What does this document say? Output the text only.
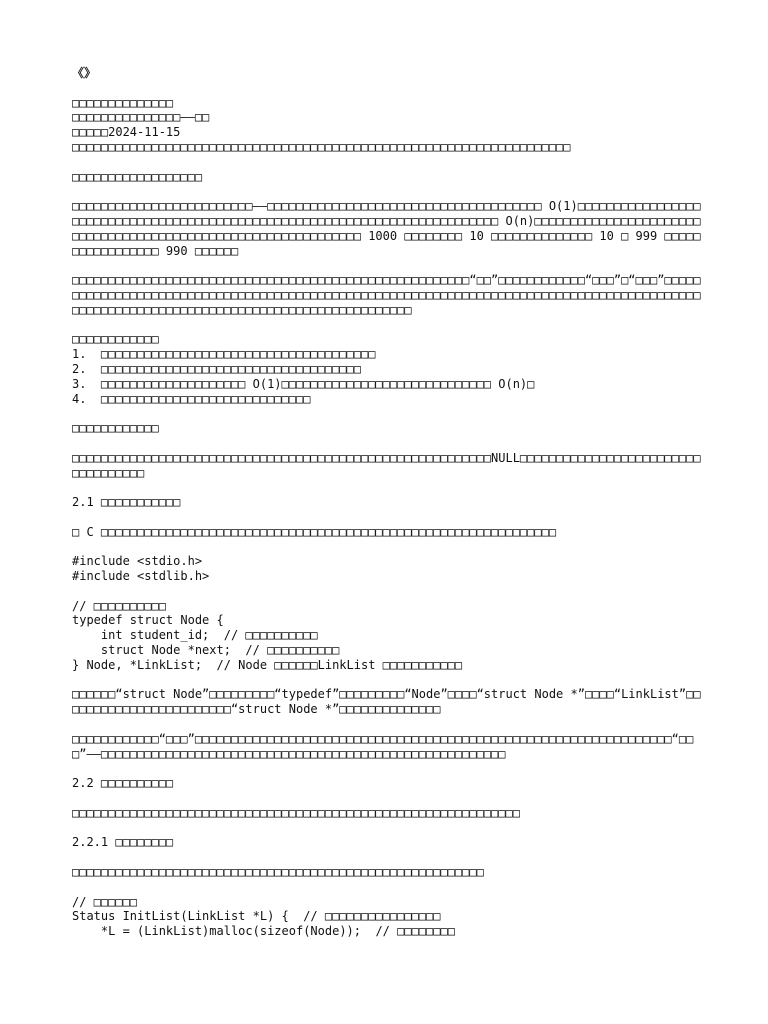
《》
□□□□□□□□□□□□□□
□□□□□□□□□□□□□□□——□□
□□□□□2024-11-15
□□□□□□□□□□□□□□□□□□□□□□□□□□□□□□□□□□□□□□□□□□□□□□□□□□□□□□□□□□□□□□□□□□□□□
□□□□□□□□□□□□□□□□□□
□□□□□□□□□□□□□□□□□□□□□□□□□——□□□□□□□□□□□□□□□□□□□□□□□□□□□□□□□□□□□□□□ O(1)□□□□□□□□□□□□□□□□□□□□□□□□□□□□□□□□□□□□□□□□□□□□□□□□□□□□□□□□□□□□□□□□□□□□□□□□□□□□ O(n)□□□□□□□□□□□□□□□□□□□□□□□□□□□□□□□□□□□□□□□□□□□□□□□□□□□□□□□□□□□□□□□ 1000 □□□□□□□□ 10 □□□□□□□□□□□□□□ 10 □ 999 □□□□□□□□□□□□□□□□□ 990 □□□□□□
□□□□□□□□□□□□□□□□□□□□□□□□□□□□□□□□□□□□□□□□□□□□□□□□□□□□□□□“□□”□□□□□□□□□□□□“□□□”□“□□□”□□□□□□□□□□□□□□□□□□□□□□□□□□□□□□□□□□□□□□□□□□□□□□□□□□□□□□□□□□□□□□□□□□□□□□□□□□□□□□□□□□□□□□□□□□□□□□□□□□□□□□□□□□□□□□□□□□□□□□□□□□□□□□□□□□□□□□□□□□□
□□□□□□□□□□□□
1.  □□□□□□□□□□□□□□□□□□□□□□□□□□□□□□□□□□□□□□
2.  □□□□□□□□□□□□□□□□□□□□□□□□□□□□□□□□□□□□
3.  □□□□□□□□□□□□□□□□□□□□ O(1)□□□□□□□□□□□□□□□□□□□□□□□□□□□□□ O(n)□
4.  □□□□□□□□□□□□□□□□□□□□□□□□□□□□□
□□□□□□□□□□□□
□□□□□□□□□□□□□□□□□□□□□□□□□□□□□□□□□□□□□□□□□□□□□□□□□□□□□□□□□□NULL□□□□□□□□□□□□□□□□□□□□□□□□□□□□□□□□□□□
2.1 □□□□□□□□□□□
□ C □□□□□□□□□□□□□□□□□□□□□□□□□□□□□□□□□□□□□□□□□□□□□□□□□□□□□□□□□□□□□□□
#include <stdio.h>
#include <stdlib.h>
// □□□□□□□□□□
typedef struct Node {
int student_id;  // □□□□□□□□□□
struct Node *next;  // □□□□□□□□□□
} Node, *LinkList;  // Node □□□□□□LinkList □□□□□□□□□□□
□□□□□□“struct Node”□□□□□□□□□“typedef”□□□□□□□□□“Node”□□□□“struct Node *”□□□□“LinkList”□□□□□□□□□□□□□□□□□□□□□□□□“struct Node *”□□□□□□□□□□□□□□
□□□□□□□□□□□□“□□□”□□□□□□□□□□□□□□□□□□□□□□□□□□□□□□□□□□□□□□□□□□□□□□□□□□□□□□□□□□□□□□□□□□“□□□”——□□□□□□□□□□□□□□□□□□□□□□□□□□□□□□□□□□□□□□□□□□□□□□□□□□□□□□□□
2.2 □□□□□□□□□□
□□□□□□□□□□□□□□□□□□□□□□□□□□□□□□□□□□□□□□□□□□□□□□□□□□□□□□□□□□□□□□
2.2.1 □□□□□□□□
□□□□□□□□□□□□□□□□□□□□□□□□□□□□□□□□□□□□□□□□□□□□□□□□□□□□□□□□□
// □□□□□□
Status InitList(LinkList *L) {  // □□□□□□□□□□□□□□□□
*L = (LinkList)malloc(sizeof(Node));  // □□□□□□□□
